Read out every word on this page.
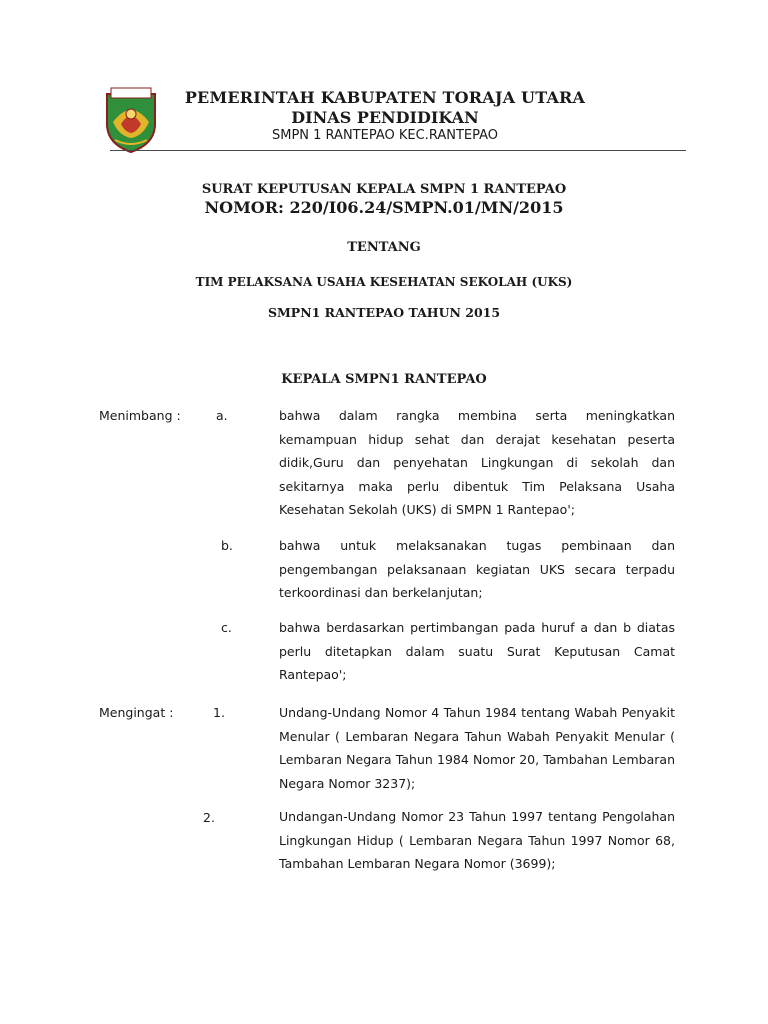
PEMERINTAH KABUPATEN TORAJA UTARA
DINAS PENDIDIKAN
SMPN 1 RANTEPAO KEC.RANTEPAO
SURAT KEPUTUSAN KEPALA SMPN 1 RANTEPAO
NOMOR: 220/I06.24/SMPN.01/MN/2015
TENTANG
TIM PELAKSANA USAHA KESEHATAN SEKOLAH (UKS)
SMPN1 RANTEPAO TAHUN 2015
KEPALA SMPN1 RANTEPAO
Menimbang :	a.	bahwa dalam rangka membina serta meningkatkan kemampuan hidup sehat dan derajat kesehatan peserta didik,Guru dan penyehatan Lingkungan di sekolah dan sekitarnya maka perlu dibentuk Tim Pelaksana Usaha Kesehatan Sekolah (UKS) di SMPN 1 Rantepao';
b.	bahwa untuk melaksanakan tugas pembinaan dan pengembangan pelaksanaan kegiatan UKS secara terpadu terkoordinasi dan berkelanjutan;
c.	bahwa berdasarkan pertimbangan pada huruf a dan b diatas perlu ditetapkan dalam suatu Surat Keputusan Camat Rantepao';
Mengingat :	1.	Undang-Undang Nomor 4 Tahun 1984 tentang Wabah Penyakit Menular ( Lembaran Negara Tahun Wabah Penyakit Menular ( Lembaran Negara Tahun 1984 Nomor 20, Tambahan Lembaran Negara Nomor 3237);
2.	Undangan-Undang Nomor 23 Tahun 1997 tentang Pengolahan Lingkungan Hidup ( Lembaran Negara Tahun 1997 Nomor 68, Tambahan Lembaran Negara Nomor (3699);
